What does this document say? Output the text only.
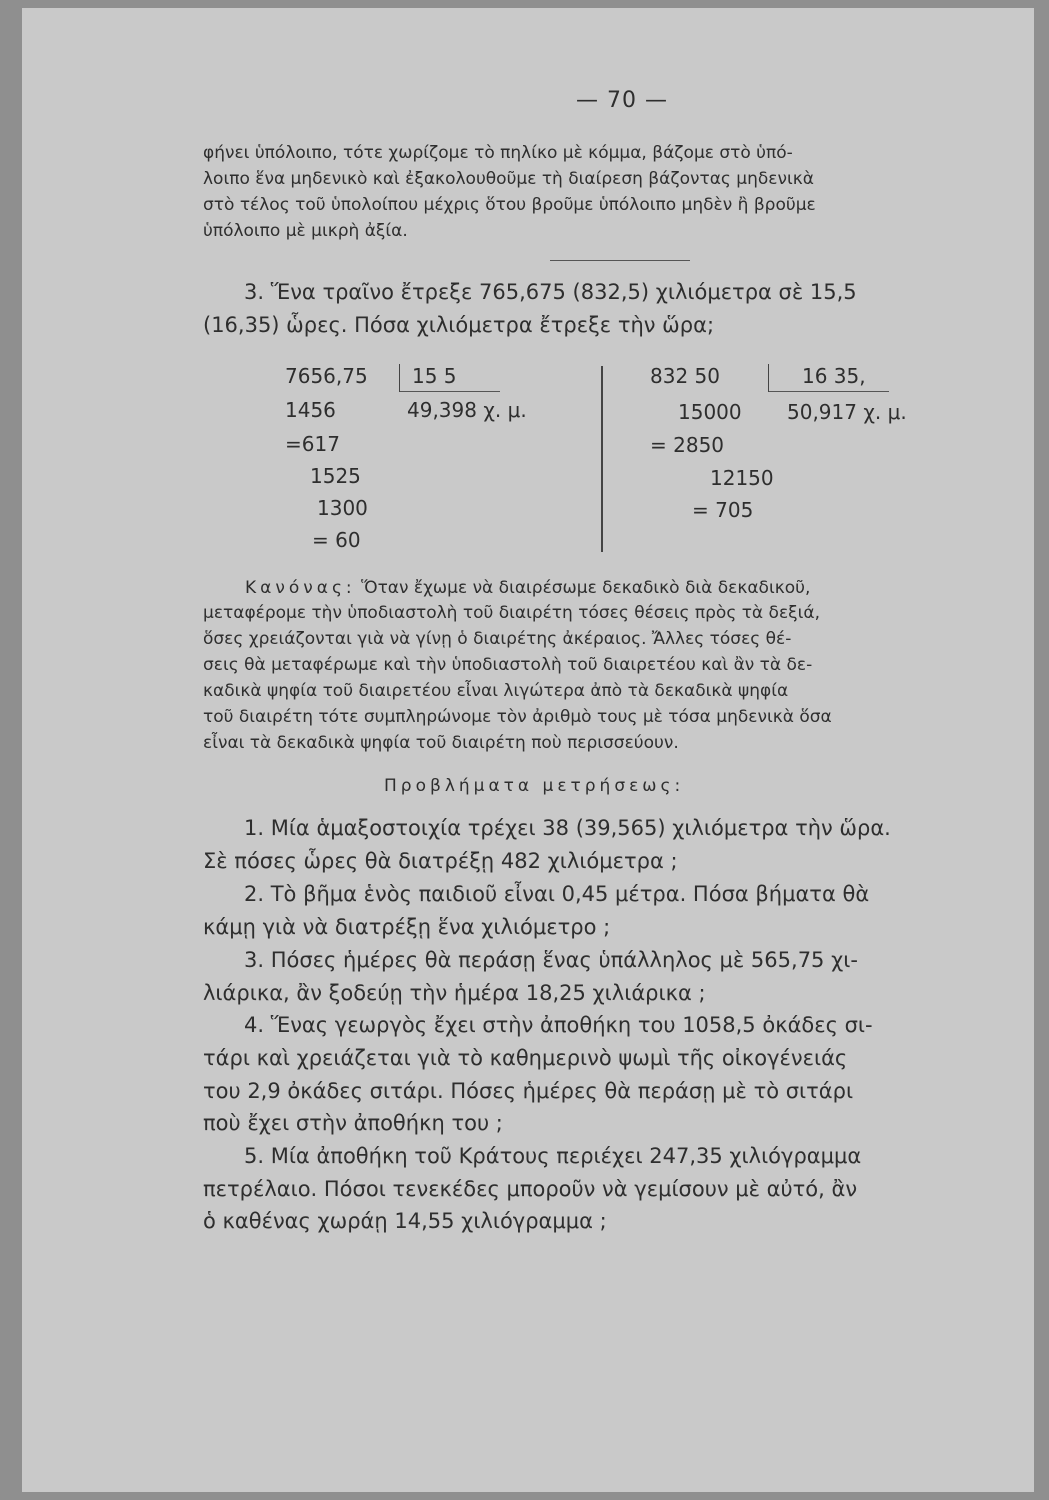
— 70 —
φήνει ὑπόλοιπο, τότε χωρίζομε τὸ πηλίκο μὲ κόμμα, βάζομε στὸ ὑπό-
λοιπο ἕνα μηδενικὸ καὶ ἐξακολουθοῦμε τὴ διαίρεση βάζοντας μηδενικὰ
στὸ τέλος τοῦ ὑπολοίπου μέχρις ὅτου βροῦμε ὑπόλοιπο μηδὲν ἢ βροῦμε
ὑπόλοιπο μὲ μικρὴ ἀξία.
3. Ἕνα τραῖνο ἔτρεξε 765,675 (832,5) χιλιόμετρα σὲ 15,5
(16,35) ὧρες. Πόσα χιλιόμετρα ἔτρεξε τὴν ὥρα;
7656,75 15 5
1456	49,398 χ. μ.
=617
1525
1300
= 60
832 50	16 35,
15000 50,917 χ. μ.
= 2850
12150
= 705
Κανόνας: Ὅταν ἔχωμε νὰ διαιρέσωμε δεκαδικὸ διὰ δεκαδικοῦ,
μεταφέρομε τὴν ὑποδιαστολὴ τοῦ διαιρέτη τόσες θέσεις πρὸς τὰ δεξιά,
ὅσες χρειάζονται γιὰ νὰ γίνῃ ὁ διαιρέτης ἀκέραιος. Ἄλλες τόσες θέ-
σεις θὰ μεταφέρωμε καὶ τὴν ὑποδιαστολὴ τοῦ διαιρετέου καὶ ἂν τὰ δε-
καδικὰ ψηφία τοῦ διαιρετέου εἶναι λιγώτερα ἀπὸ τὰ δεκαδικὰ ψηφία
τοῦ διαιρέτη τότε συμπληρώνομε τὸν ἀριθμὸ τους μὲ τόσα μηδενικὰ ὅσα
εἶναι τὰ δεκαδικὰ ψηφία τοῦ διαιρέτη ποὺ περισσεύουν.
Προβλήματα μετρήσεως:
1. Μία ἁμαξοστοιχία τρέχει 38 (39,565) χιλιόμετρα τὴν ὥρα.
Σὲ πόσες ὧρες θὰ διατρέξῃ 482 χιλιόμετρα ;
2. Τὸ βῆμα ἑνὸς παιδιοῦ εἶναι 0,45 μέτρα. Πόσα βήματα θὰ
κάμῃ γιὰ νὰ διατρέξῃ ἕνα χιλιόμετρο ;
3. Πόσες ἡμέρες θὰ περάσῃ ἕνας ὑπάλληλος μὲ 565,75 χι-
λιάρικα, ἂν ξοδεύῃ τὴν ἡμέρα 18,25 χιλιάρικα ;
4. Ἕνας γεωργὸς ἔχει στὴν ἀποθήκη του 1058,5 ὀκάδες σι-
τάρι καὶ χρειάζεται γιὰ τὸ καθημερινὸ ψωμὶ τῆς οἰκογένειάς
του 2,9 ὀκάδες σιτάρι. Πόσες ἡμέρες θὰ περάσῃ μὲ τὸ σιτάρι
ποὺ ἔχει στὴν ἀποθήκη του ;
5. Μία ἀποθήκη τοῦ Κράτους περιέχει 247,35 χιλιόγραμμα
πετρέλαιο. Πόσοι τενεκέδες μποροῦν νὰ γεμίσουν μὲ αὐτό, ἂν
ὁ καθένας χωράῃ 14,55 χιλιόγραμμα ;
